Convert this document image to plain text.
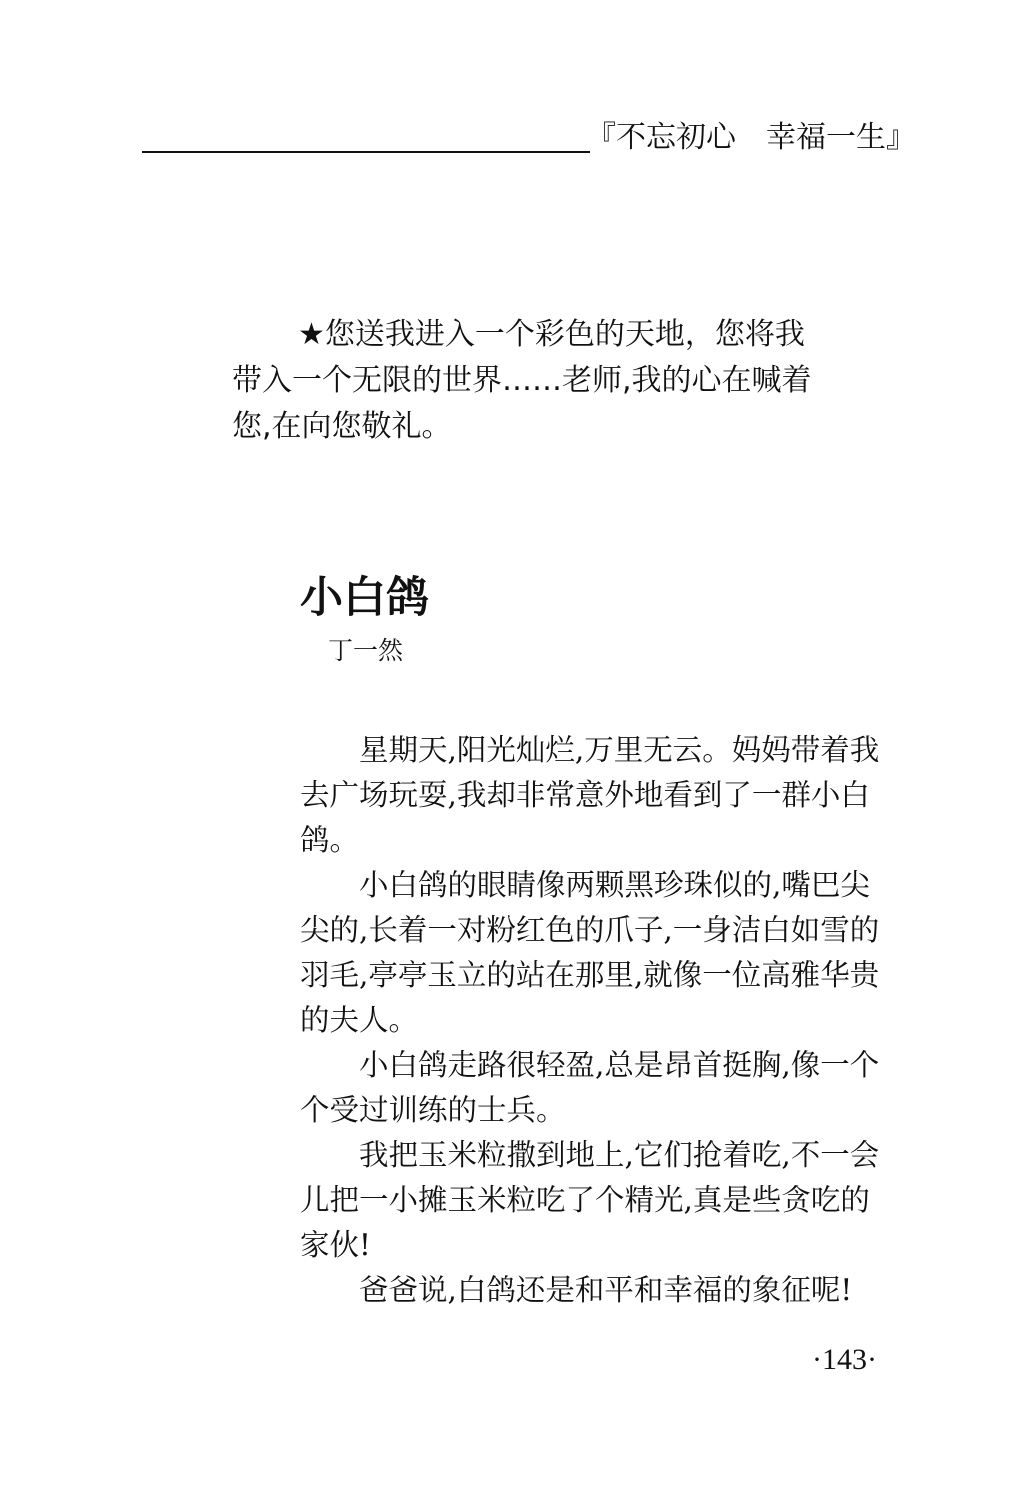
『不忘初心　幸福一生』

★您送我进入一个彩色的天地，您将我带入一个无限的世界……老师,我的心在喊着您,在向您敬礼。

小白鸽
丁一然

星期天,阳光灿烂,万里无云。妈妈带着我去广场玩耍,我却非常意外地看到了一群小白鸽。

小白鸽的眼睛像两颗黑珍珠似的,嘴巴尖尖的,长着一对粉红色的爪子,一身洁白如雪的羽毛,亭亭玉立的站在那里,就像一位高雅华贵的夫人。

小白鸽走路很轻盈,总是昂首挺胸,像一个个受过训练的士兵。

我把玉米粒撒到地上,它们抢着吃,不一会儿把一小摊玉米粒吃了个精光,真是些贪吃的家伙!

爸爸说,白鸽还是和平和幸福的象征呢!

·143·
